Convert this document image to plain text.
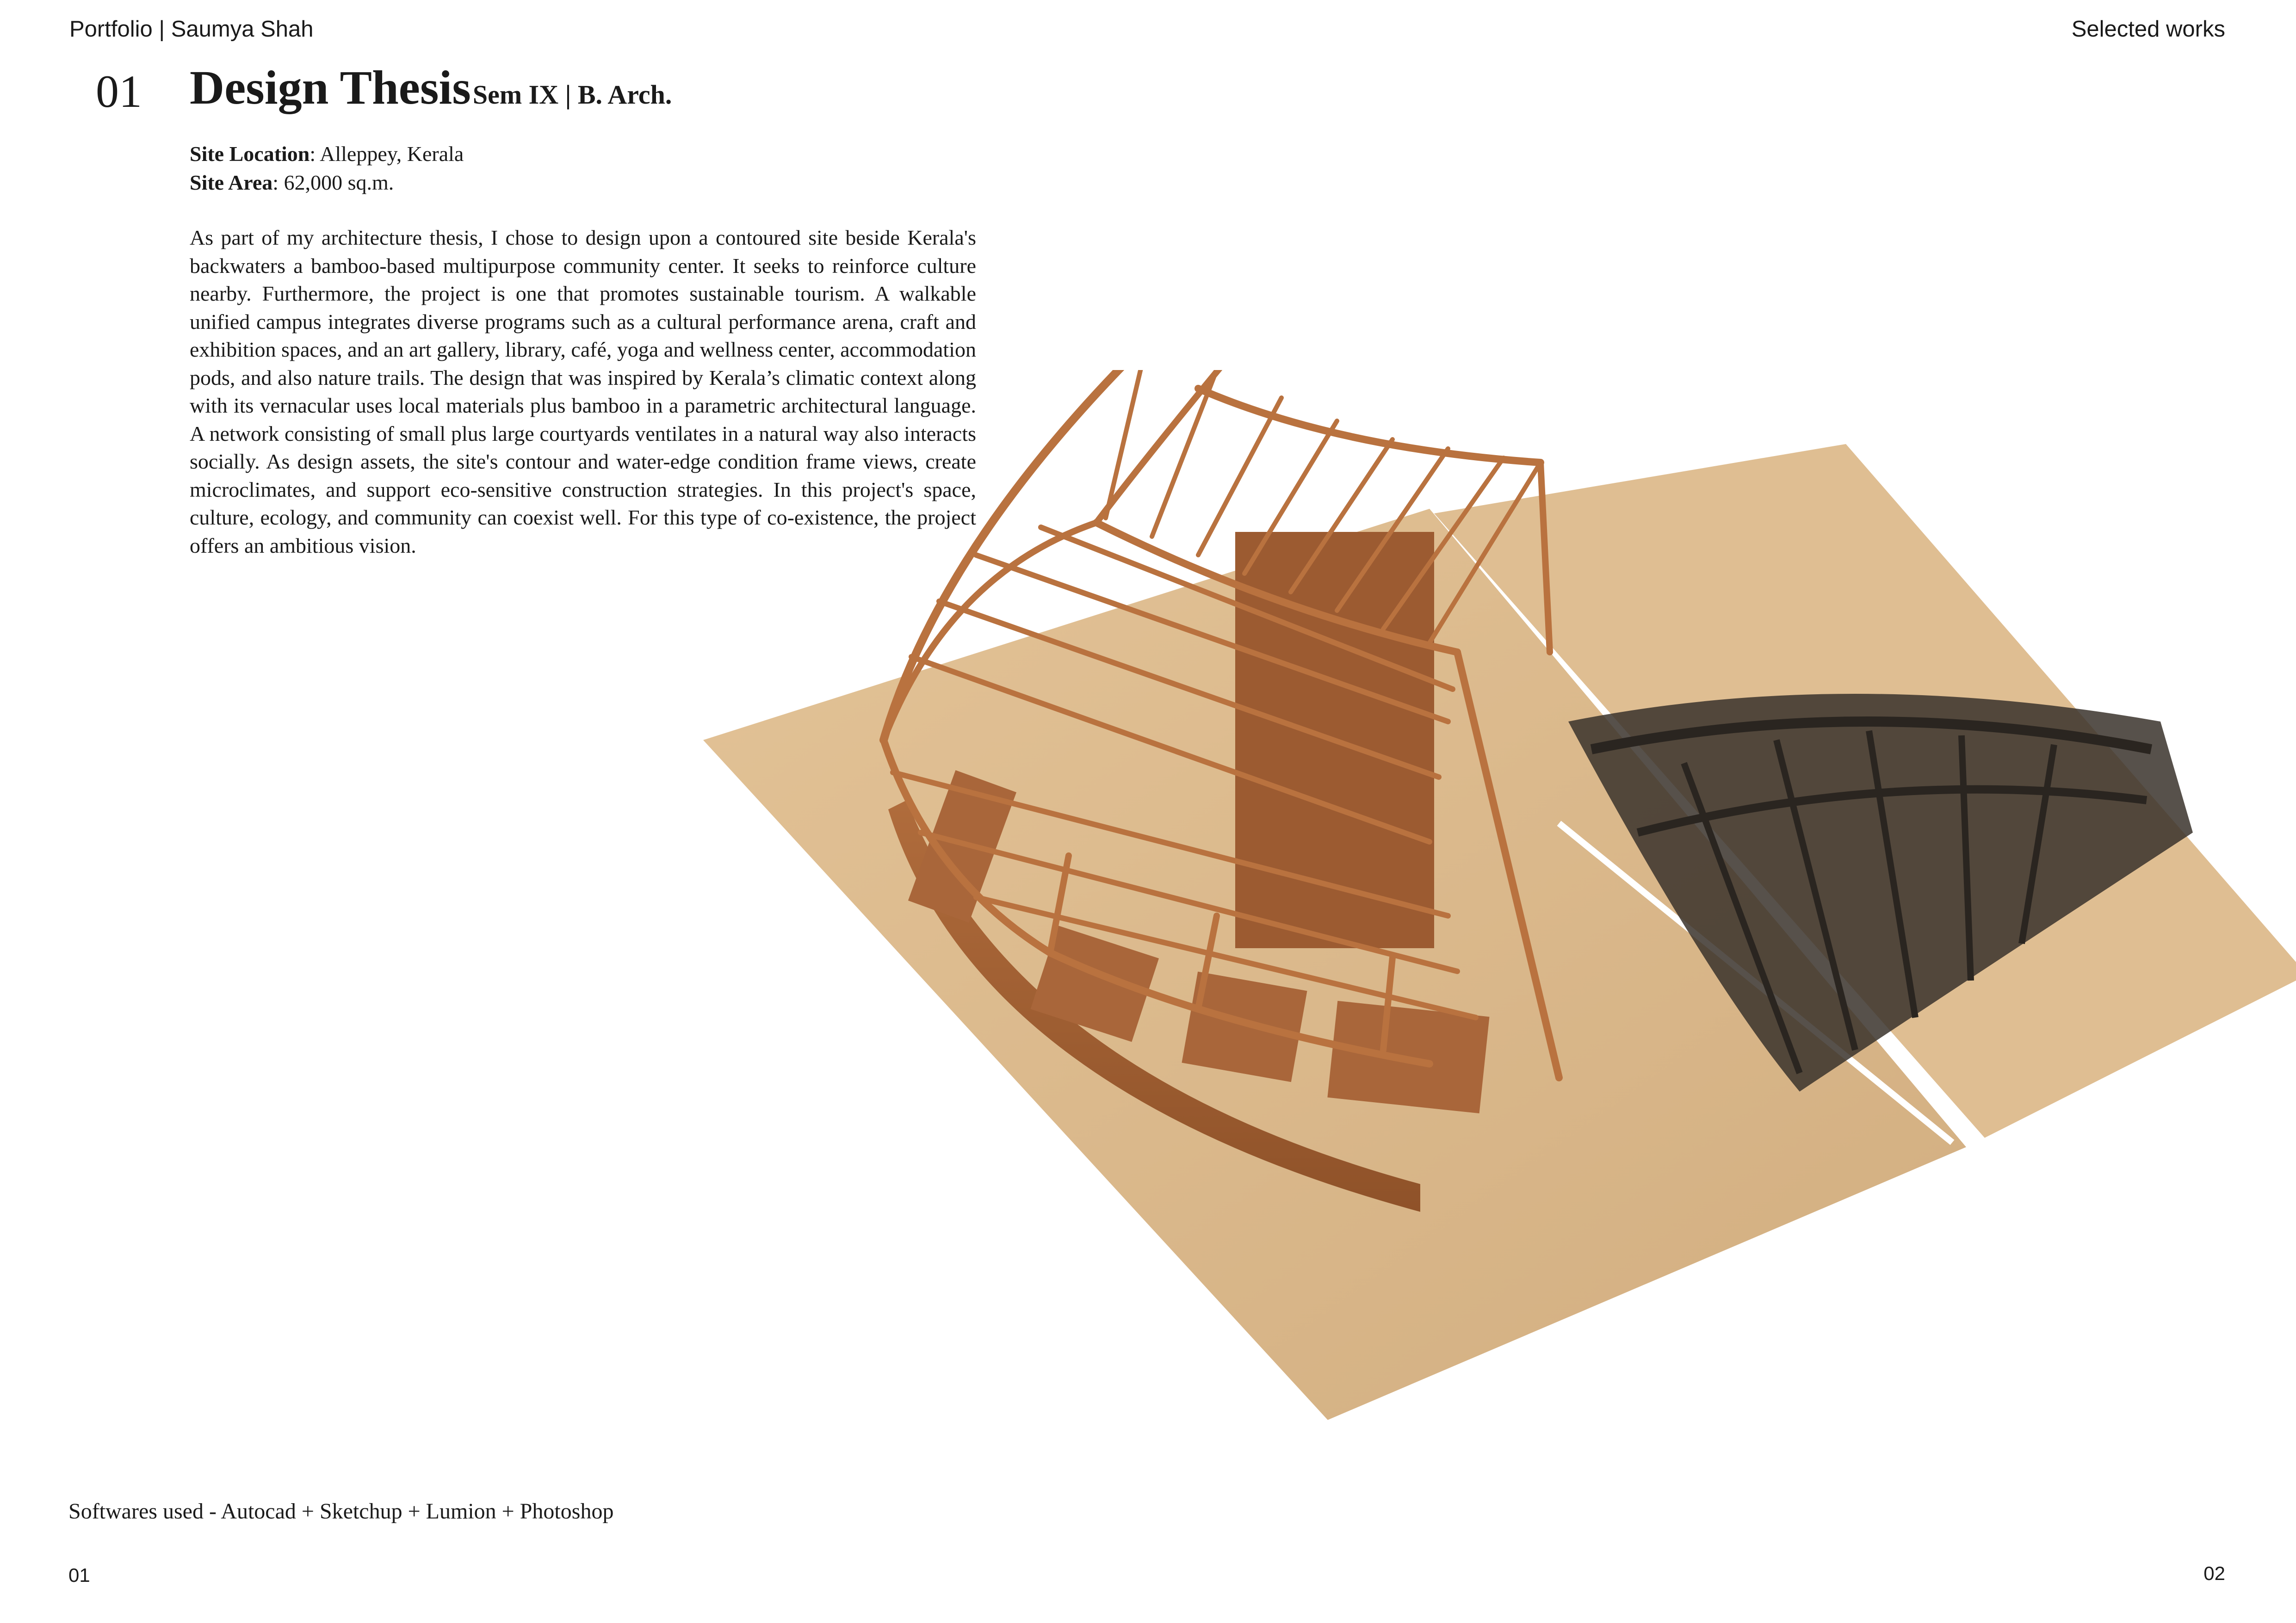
Portfolio | Saumya Shah	Selected works
01 Design Thesis Sem IX | B. Arch.
Site Location: Alleppey, Kerala
Site Area: 62,000 sq.m.

As part of my architecture thesis, I chose to design upon a contoured site beside Kerala's backwaters a bamboo-based multipurpose community center. It seeks to reinforce culture nearby. Furthermore, the project is one that promotes sustainable tourism. A walkable unified campus integrates diverse programs such as a cultural performance arena, craft and exhibition spaces, and an art gallery, library, café, yoga and wellness center, accommodation pods, and also nature trails. The design that was inspired by Kerala’s climatic context along with its vernacular uses local materials plus bamboo in a parametric architectural language. A network consisting of small plus large courtyards ventilates in a natural way also interacts socially. As design assets, the site's contour and water-edge condition frame views, create microclimates, and support eco-sensitive construction strategies. In this project's space, culture, ecology, and community can coexist well. For this type of co-existence, the project offers an ambitious vision.

Softwares used - Autocad + Sketchup + Lumion + Photoshop
01	02
